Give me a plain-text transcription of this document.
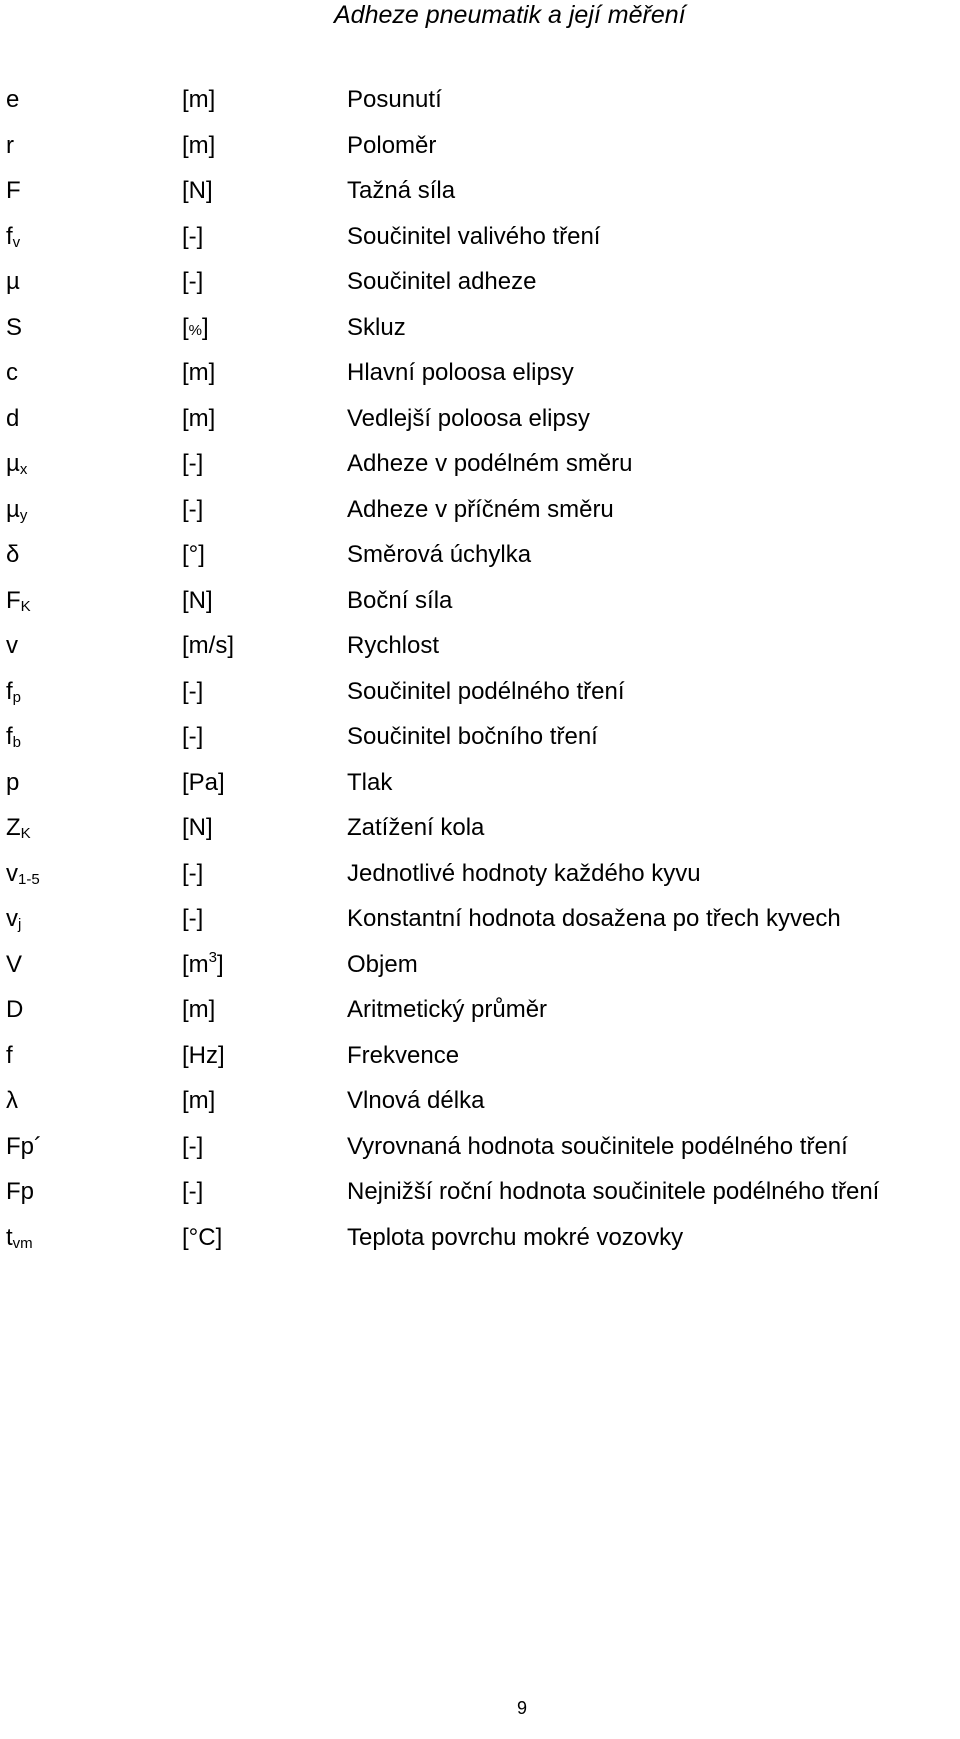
Adheze pneumatik a její měření
e	[m]	Posunutí
r	[m]	Poloměr
F	[N]	Tažná síla
$f_v$	[-]	Součinitel valivého tření
µ	[-]	Součinitel adheze
S	[%]	Skluz
c	[m]	Hlavní poloosa elipsy
d	[m]	Vedlejší poloosa elipsy
µ$_x$	[-]	Adheze v podélném směru
µ$_y$	[-]	Adheze v příčném směru
δ	[°]	Směrová úchylka
$F_K$	[N]	Boční síla
v	[m/s]	Rychlost
$f_p$	[-]	Součinitel podélného tření
$f_b$	[-]	Součinitel bočního tření
p	[Pa]	Tlak
$Z_K$	[N]	Zatížení kola
$v_{1-5}$	[-]	Jednotlivé hodnoty každého kyvu
$v_j$	[-]	Konstantní hodnota dosažena po třech kyvech
V	$[m^3]$	Objem
D	[m]	Aritmetický průměr
f	[Hz]	Frekvence
λ	[m]	Vlnová délka
Fp´	[-]	Vyrovnaná hodnota součinitele podélného tření
Fp	[-]	Nejnižší roční hodnota součinitele podélného tření
$t_{vm}$	[°C]	Teplota povrchu mokré vozovky
9
